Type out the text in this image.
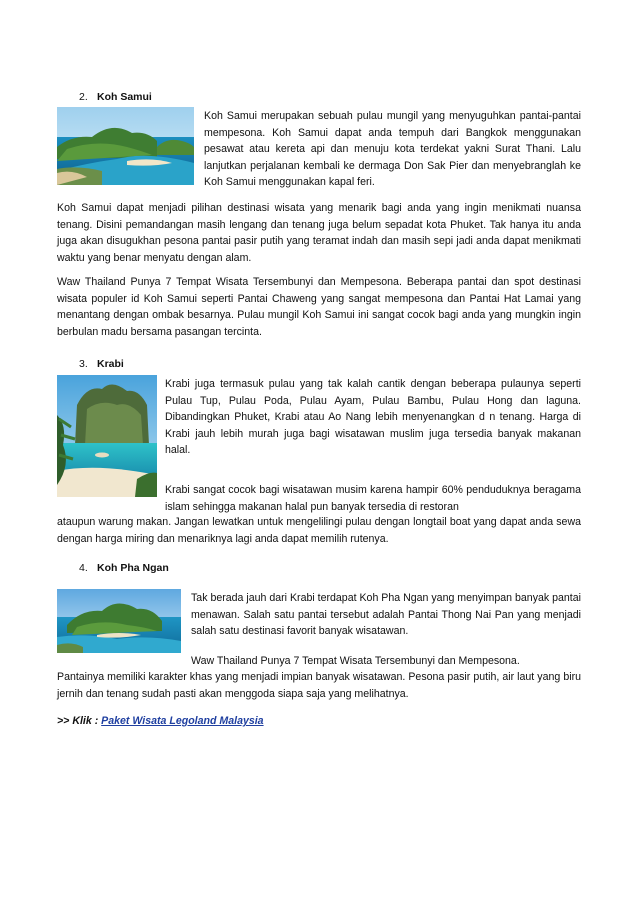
2. Koh Samui
Koh Samui merupakan sebuah pulau mungil yang menyuguhkan pantai-pantai mempesona. Koh Samui dapat anda tempuh dari Bangkok menggunakan pesawat atau kereta api dan menuju kota terdekat yakni Surat Thani. Lalu lanjutkan perjalanan kembali ke dermaga Don Sak Pier dan menyebranglah ke Koh Samui menggunakan kapal feri.
Koh Samui dapat menjadi pilihan destinasi wisata yang menarik bagi anda yang ingin menikmati nuansa tenang. Disini pemandangan masih lengang dan tenang juga belum sepadat kota Phuket. Tak hanya itu anda juga akan disugukhan pesona pantai pasir putih yang teramat indah dan masih sepi jadi anda dapat menikmati waktu yang benar menyatu dengan alam.
Waw Thailand Punya 7 Tempat Wisata Tersembunyi dan Mempesona. Beberapa pantai dan spot destinasi wisata populer id Koh Samui seperti Pantai Chaweng yang sangat mempesona dan Pantai Hat Lamai yang menantang dengan ombak besarnya. Pulau mungil Koh Samui ini sangat cocok bagi anda yang mungkin ingin berbulan madu bersama pasangan tercinta.
3. Krabi
Krabi juga termasuk pulau yang tak kalah cantik dengan beberapa pulaunya seperti Pulau Tup, Pulau Poda, Pulau Ayam, Pulau Bambu, Pulau Hong dan laguna. Dibandingkan Phuket, Krabi atau Ao Nang lebih menyenangkan d n tenang. Harga di Krabi jauh lebih murah juga bagi wisatawan muslim juga tersedia banyak makanan halal.
Krabi sangat cocok bagi wisatawan musim karena hampir 60% penduduknya beragama islam sehingga makanan halal pun banyak tersedia di restoran
ataupun warung makan. Jangan lewatkan untuk mengelilingi pulau dengan longtail boat yang dapat anda sewa dengan harga miring dan menariknya lagi anda dapat memilih rutenya.
4. Koh Pha Ngan
Tak berada jauh dari Krabi terdapat Koh Pha Ngan yang menyimpan banyak pantai menawan. Salah satu pantai tersebut adalah Pantai Thong Nai Pan yang menjadi salah satu destinasi favorit banyak wisatawan.
Waw Thailand Punya 7 Tempat Wisata Tersembunyi dan Mempesona.
Pantainya memiliki karakter khas yang menjadi impian banyak wisatawan. Pesona pasir putih, air laut yang biru jernih dan tenang sudah pasti akan menggoda siapa saja yang melihatnya.
>> Klik : Paket Wisata Legoland Malaysia
